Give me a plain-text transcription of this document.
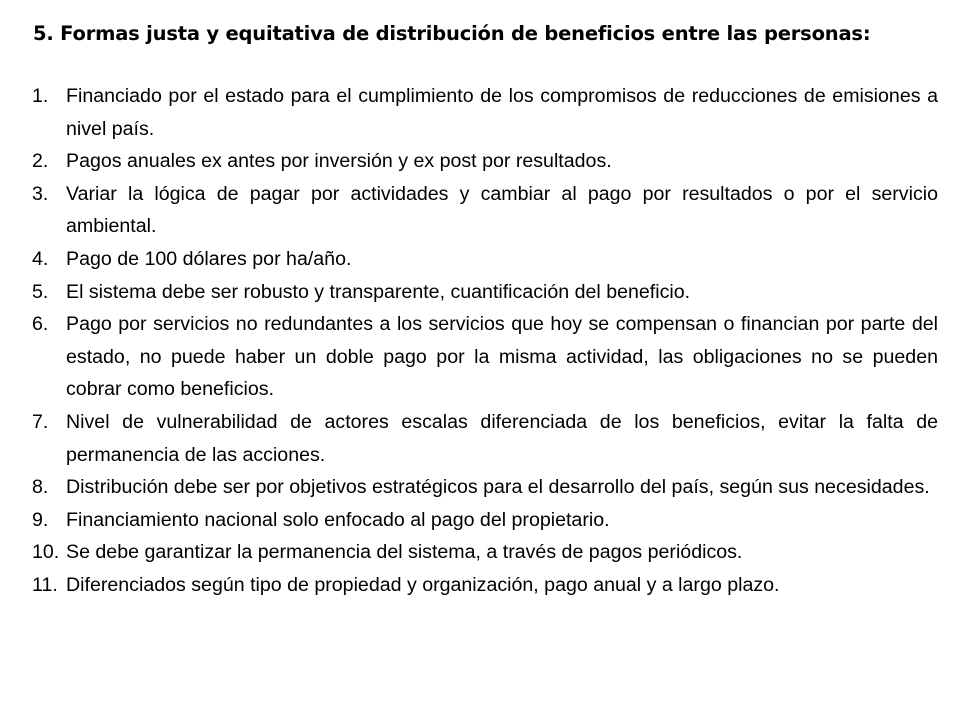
5. Formas justa y equitativa de distribución de beneficios entre las personas:
1. Financiado por el estado para el cumplimiento de los compromisos de reducciones de emisiones a nivel país.
2. Pagos anuales ex antes por inversión y ex post por resultados.
3. Variar la lógica de pagar por actividades y cambiar al pago por resultados o por el servicio ambiental.
4. Pago de 100 dólares por ha/año.
5. El sistema debe ser robusto y transparente, cuantificación del beneficio.
6. Pago por servicios no redundantes a los servicios que hoy se compensan o financian por parte del estado, no puede haber un doble pago por la misma actividad, las obligaciones no se pueden cobrar como beneficios.
7. Nivel de vulnerabilidad de actores escalas diferenciada de los beneficios, evitar la falta de permanencia de las acciones.
8. Distribución debe ser por objetivos estratégicos para el desarrollo del país, según sus necesidades.
9. Financiamiento nacional solo enfocado al pago del propietario.
10. Se debe garantizar la permanencia del sistema, a través de pagos periódicos.
11. Diferenciados según tipo de propiedad y organización, pago anual y a largo plazo.
